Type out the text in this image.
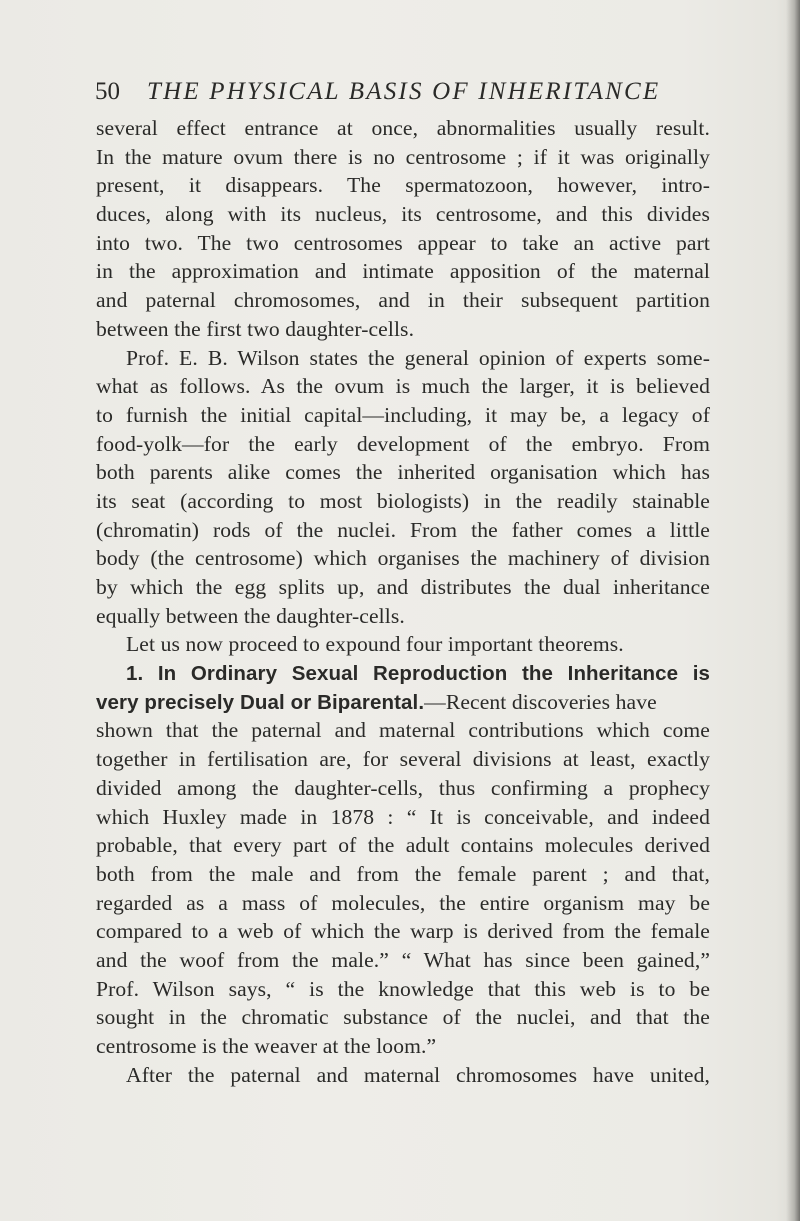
50 THE PHYSICAL BASIS OF INHERITANCE
several effect entrance at once, abnormalities usually result.
In the mature ovum there is no centrosome ; if it was originally
present, it disappears. The spermatozoon, however, intro-
duces, along with its nucleus, its centrosome, and this divides
into two. The two centrosomes appear to take an active part
in the approximation and intimate apposition of the maternal
and paternal chromosomes, and in their subsequent partition
between the first two daughter-cells.
Prof. E. B. Wilson states the general opinion of experts some-
what as follows. As the ovum is much the larger, it is believed
to furnish the initial capital—including, it may be, a legacy of
food-yolk—for the early development of the embryo. From
both parents alike comes the inherited organisation which has
its seat (according to most biologists) in the readily stainable
(chromatin) rods of the nuclei. From the father comes a little
body (the centrosome) which organises the machinery of division
by which the egg splits up, and distributes the dual inheritance
equally between the daughter-cells.
Let us now proceed to expound four important theorems.
1. In Ordinary Sexual Reproduction the Inheritance is
very precisely Dual or Biparental.—Recent discoveries have
shown that the paternal and maternal contributions which come
together in fertilisation are, for several divisions at least, exactly
divided among the daughter-cells, thus confirming a prophecy
which Huxley made in 1878 : “ It is conceivable, and indeed
probable, that every part of the adult contains molecules derived
both from the male and from the female parent ; and that,
regarded as a mass of molecules, the entire organism may be
compared to a web of which the warp is derived from the female
and the woof from the male.” “ What has since been gained,”
Prof. Wilson says, “ is the knowledge that this web is to be
sought in the chromatic substance of the nuclei, and that the
centrosome is the weaver at the loom.”
After the paternal and maternal chromosomes have united,
